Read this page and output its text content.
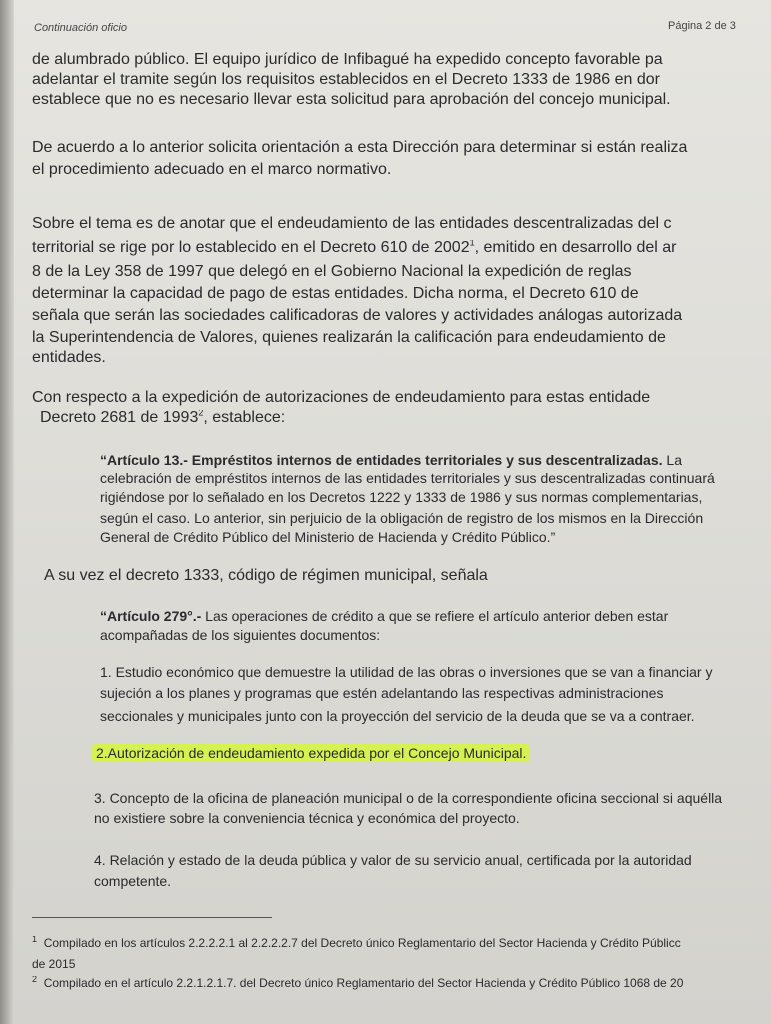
Continuación oficio	Página 2 de 3
de alumbrado público. El equipo jurídico de Infibagué ha expedido concepto favorable pa
adelantar el tramite según los requisitos establecidos en el Decreto 1333 de 1986 en dor
establece que no es necesario llevar esta solicitud para aprobación del concejo municipal.
De acuerdo a lo anterior solicita orientación a esta Dirección para determinar si están realiza
el procedimiento adecuado en el marco normativo.
Sobre el tema es de anotar que el endeudamiento de las entidades descentralizadas del c
territorial se rige por lo establecido en el Decreto 610 de 2002$^1$, emitido en desarrollo del ar
8 de la Ley 358 de 1997 que delegó en el Gobierno Nacional la expedición de reglas
determinar la capacidad de pago de estas entidades. Dicha norma, el Decreto 610 de
señala que serán las sociedades calificadoras de valores y actividades análogas autorizada
la Superintendencia de Valores, quienes realizarán la calificación para endeudamiento de
entidades.
Con respecto a la expedición de autorizaciones de endeudamiento para estas entidade
Decreto 2681 de 1993$^2$, establece:
“Artículo 13.- Empréstitos internos de entidades territoriales y sus descentralizadas. La
celebración de empréstitos internos de las entidades territoriales y sus descentralizadas continuará
rigiéndose por lo señalado en los Decretos 1222 y 1333 de 1986 y sus normas complementarias,
según el caso. Lo anterior, sin perjuicio de la obligación de registro de los mismos en la Dirección
General de Crédito Público del Ministerio de Hacienda y Crédito Público.”
A su vez el decreto 1333, código de régimen municipal, señala
“Artículo 279°.- Las operaciones de crédito a que se refiere el artículo anterior deben estar
acompañadas de los siguientes documentos:
1. Estudio económico que demuestre la utilidad de las obras o inversiones que se van a financiar y
sujeción a los planes y programas que estén adelantando las respectivas administraciones
seccionales y municipales junto con la proyección del servicio de la deuda que se va a contraer.
2.Autorización de endeudamiento expedida por el Concejo Municipal.
3. Concepto de la oficina de planeación municipal o de la correspondiente oficina seccional si aquélla
no existiere sobre la conveniencia técnica y económica del proyecto.
4. Relación y estado de la deuda pública y valor de su servicio anual, certificada por la autoridad
competente.
$^1$ Compilado en los artículos 2.2.2.2.1 al 2.2.2.2.7 del Decreto único Reglamentario del Sector Hacienda y Crédito Públicc
de 2015
$^2$ Compilado en el artículo 2.2.1.2.1.7. del Decreto único Reglamentario del Sector Hacienda y Crédito Público 1068 de 20
